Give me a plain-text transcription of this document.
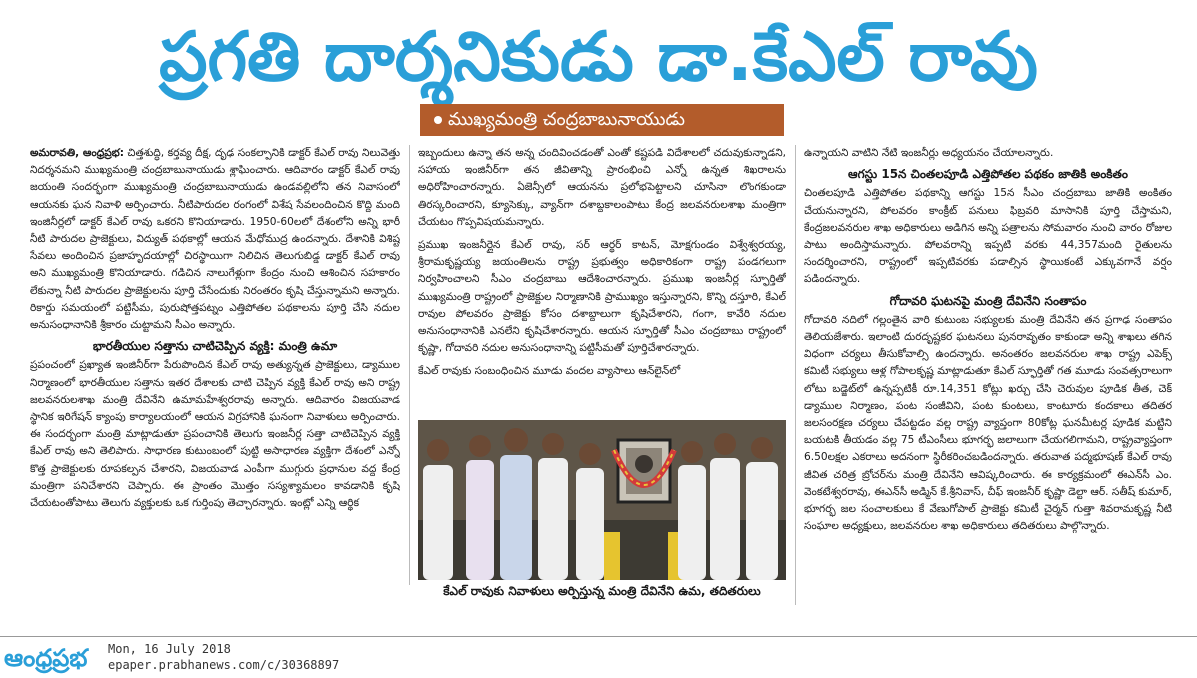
ప్రగతి దార్శనికుడు డా.కేఎల్ రావు
ముఖ్యమంత్రి చంద్రబాబునాయుడు

అమరావతి, ఆంధ్రప్రభ: చిత్తశుద్ధి, కర్తవ్య దీక్ష, దృఢ సంకల్పానికి డాక్టర్ కేఎల్ రావు నిలువెత్తు నిదర్శనమని ముఖ్యమంత్రి చంద్రబాబునాయుడు శ్లాఘించారు. ఆదివారం డాక్టర్ కేఎల్ రావు జయంతి సందర్భంగా ముఖ్యమంత్రి చంద్రబాబునాయుడు ఉండవల్లిలోని తన నివాసంలో ఆయనకు ఘన నివాళి అర్పించారు. నీటిపారుదల రంగంలో విశేష సేవలందించిన కొద్ది మంది ఇంజినీర్లలో డాక్టర్ కేఎల్ రావు ఒకరని కొనియాడారు. 1950-60లలో దేశంలోని అన్ని భారీ నీటి పారుదల ప్రాజెక్టులు, విద్యుత్ పథకాల్లో ఆయన మేధోముద్ర ఉందన్నారు. దేశానికి విశిష్ట సేవలు అందించిన ప్రజాహృదయాల్లో చిరస్థాయిగా నిలిచిన తెలుగుబిడ్డ డాక్టర్ కేఎల్ రావు అని ముఖ్యమంత్రి కొనియాడారు. గడిచిన నాలుగేళ్లుగా కేంద్రం నుంచి ఆశించిన సహకారం లేకున్నా నీటి పారుదల ప్రాజెక్టులను పూర్తి చేసేందుకు నిరంతరం కృషి చేస్తున్నామని అన్నారు. రికార్డు సమయంలో పట్టిసీమ, పురుషోత్తపట్నం ఎత్తిపోతల పథకాలను పూర్తి చేసి నదుల అనుసంధానానికి శ్రీకారం చుట్టామని సీఎం అన్నారు.

భారతీయుల సత్తాను చాటిచెప్పిన వ్యక్తి: మంత్రి ఉమా

ప్రపంచంలో ప్రఖ్యాత ఇంజినీర్‌గా పేరుపొందిన కేఎల్ రావు అత్యున్నత ప్రాజెక్టులు, డ్యాముల నిర్మాణంలో భారతీయుల సత్తాను ఇతర దేశాలకు చాటి చెప్పిన వ్యక్తి కేఎల్ రావు అని రాష్ట్ర జలవనరులశాఖ మంత్రి దేవినేని ఉమామహేశ్వరరావు అన్నారు. ఆదివారం విజయవాడ స్థానిక ఇరిగేషన్ క్యాంపు కార్యాలయంలో ఆయన విగ్రహానికి ఘనంగా నివాళులు అర్పించారు. ఈ సందర్భంగా మంత్రి మాట్లాడుతూ ప్రపంచానికి తెలుగు ఇంజనీర్ల సత్తా చాటిచెప్పిన వ్యక్తి కేఎల్ రావు అని తెలిపారు. సాధారణ కుటుంబంలో పుట్టి అసాధారణ వ్యక్తిగా దేశంలో ఎన్నో కొత్త ప్రాజెక్టులకు రూపకల్పన చేశారని, విజయవాడ ఎంపీగా ముగ్గురు ప్రధానుల వద్ద కేంద్ర మంత్రిగా పనిచేశారని చెప్పారు. ఈ ప్రాంతం మొత్తం సస్యశ్యామలం కావడానికి కృషి చేయటంతోపాటు తెలుగు వ్యక్తులకు ఒక గుర్తింపు తెచ్చారన్నారు. ఇంట్లో ఎన్ని ఆర్థిక

ఇబ్బందులు ఉన్నా తన అన్న చందివించడంతో ఎంతో కష్టపడి విదేశాలలో చదువుకున్నాడని, సహాయ ఇంజినీర్‌గా తన జీవితాన్ని ప్రారంభించి ఎన్నో ఉన్నత శిఖరాలను అధిరోహించారన్నారు. ఏజెన్సీలో ఆయనను ప్రలోభపెట్టాలని చూసినా లొంగకుండా తిరస్కరించారని, క్యూసెక్కు, వ్యాన్‌గా దశాబ్దకాలంపాటు కేంద్ర జలవనరులశాఖ మంత్రిగా చేయటం గొప్పవిషయమన్నారు.

ప్రముఖ ఇంజనీర్లైన కేఎల్ రావు, సర్ ఆర్థర్ కాటన్, మోక్షగుండం విశ్వేశ్వరయ్య, శ్రీరామకృష్ణయ్య జయంతిలను రాష్ట్ర ప్రభుత్వం అధికారికంగా రాష్ట్ర పండగలుగా నిర్వహించాలని సీఎం చంద్రబాబు ఆదేశించారన్నారు. ప్రముఖ ఇంజనీర్ల స్ఫూర్తితో ముఖ్యమంత్రి రాష్ట్రంలో ప్రాజెక్టుల నిర్మాణానికి ప్రాముఖ్యం ఇస్తున్నారని, కొన్ని దస్తూరి, కేఎల్ రావుల పోలవరం ప్రాజెక్టు కోసం దశాబ్దాలుగా కృషిచేశారని, గంగా, కావేరి నదుల అనుసంధానానికి ఎనలేని కృషిచేశారన్నారు. ఆయన స్ఫూర్తితో సీఎం చంద్రబాబు రాష్ట్రంలో కృష్ణా, గోదావరి నదుల అనుసంధానాన్ని పట్టిసీమతో పూర్తిచేశారన్నారు.

కేఎల్ రావుకు సంబంధించిన మూడు వందల వ్యాసాలు ఆన్‌లైన్‌లో

కేఎల్ రావుకు నివాళులు అర్పిస్తున్న మంత్రి దేవినేని ఉమ, తదితరులు

ఉన్నాయని వాటిని నేటి ఇంజనీర్లు అధ్యయనం చేయాలన్నారు.

ఆగస్టు 15న చింతలపూడి ఎత్తిపోతల పథకం జాతికి అంకితం

చింతలపూడి ఎత్తిపోతల పథకాన్ని ఆగస్టు 15న సీఎం చంద్రబాబు జాతికి అంకితం చేయనున్నారని, పోలవరం కాంక్రీట్ పనులు ఫిబ్రవరి మాసానికి పూర్తి చేస్తామని, కేంద్రజలవనరుల శాఖ అధికారులు అడిగిన అన్ని పత్రాలను సోమవారం నుంచి వారం రోజుల పాటు అందిస్తామన్నారు. పోలవరాన్ని ఇప్పటి వరకు 44,357మంది రైతులను సందర్శించారని, రాష్ట్రంలో ఇప్పటివరకు పడాల్సిన స్థాయికంటే ఎక్కువగానే వర్షం పడిందన్నారు.

గోదావరి ఘటనపై మంత్రి దేవినేని సంతాపం

గోదావరి నదిలో గల్లంతైన వారి కుటుంబ సభ్యులకు మంత్రి దేవినేని తన ప్రగాఢ సంతాపం తెలియజేశారు. ఇలాంటి దురదృష్టకర ఘటనలు పునరావృతం కాకుండా అన్ని శాఖలు తగిన విధంగా చర్యలు తీసుకోవాల్సి ఉందన్నారు. అనంతరం జలవనరుల శాఖ రాష్ట్ర ఎపెక్స్ కమిటీ సభ్యులు ఆళ్ల గోపాలకృష్ణ మాట్లాడుతూ కేఎల్ స్ఫూర్తితో గత మూడు సంవత్సరాలుగా లోటు బడ్జెట్‌లో ఉన్నప్పటికీ రూ.14,351 కోట్లు ఖర్చు చేసి చెరువుల పూడిక తీత, చెక్ డ్యాముల నిర్మాణం, పంట సంజీవిని, పంట కుంటలు, కాంటూరు కందకాలు తదితర జలసంరక్షణ చర్యలు చేపట్టడం వల్ల రాష్ట్ర వ్యాప్తంగా 80కోట్ల ఘనమీటర్ల పూడిక మట్టిని బయటకి తీయడం వల్ల 75 టీఎంసీలు భూగర్భ జలాలుగా చేయగలిగామని, రాష్ట్రవ్యాప్తంగా 6.50లక్షల ఎకరాలు అదనంగా స్థిరీకరించబడిందన్నారు. తరువాత పద్మభూషణ్ కేఎల్ రావు జీవిత చరిత్ర బ్రోచర్‌ను మంత్రి దేవినేని ఆవిష్కరించారు. ఈ కార్యక్రమంలో ఈఎన్‌సీ ఎం. వెంకటేశ్వరరావు, ఈఎన్‌సీ అడ్మిన్ కే.శ్రీనివాస్, చీఫ్ ఇంజనీర్ కృష్ణా డెల్టా ఆర్. సతీష్ కుమార్, భూగర్భ జల సంచాలకులు కే వేణుగోపాల్ ప్రాజెక్టు కమిటీ చైర్మన్ గుత్తా శివరామకృష్ణ నీటి సంఘాల అధ్యక్షులు, జలవనరుల శాఖ అధికారులు తదితరులు పాల్గొన్నారు.

ఆంధ్రప్రభ Mon, 16 July 2018
epaper.prabhanews.com/c/30368897
